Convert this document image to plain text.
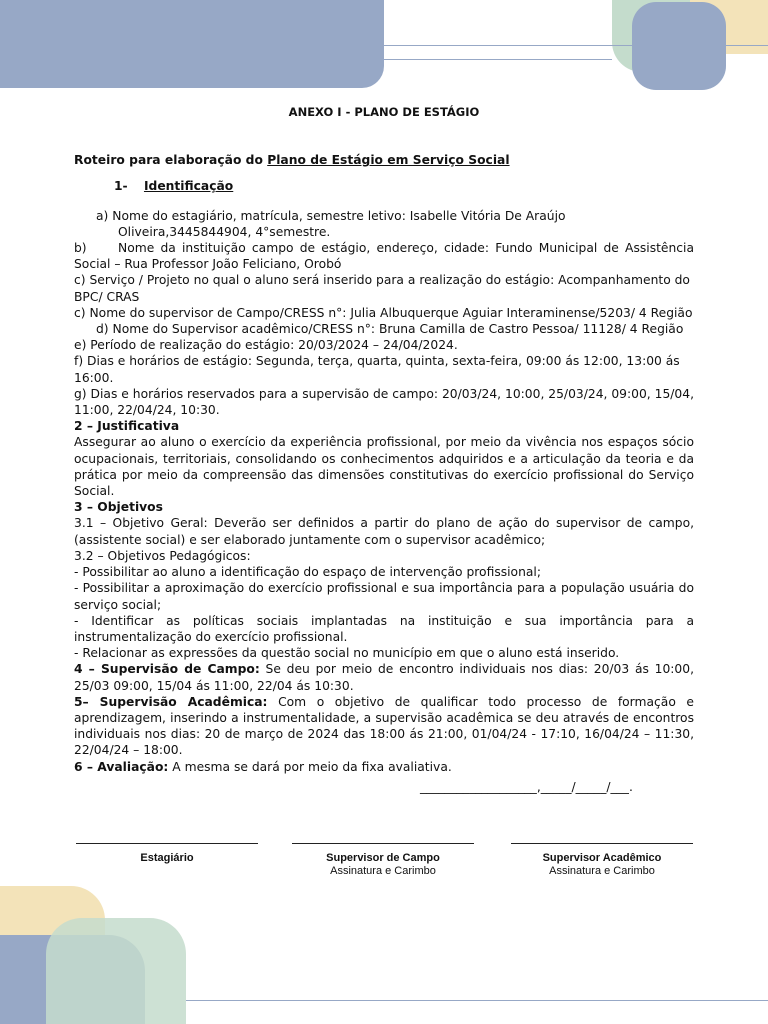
ANEXO I - PLANO DE ESTÁGIO
Roteiro para elaboração do Plano de Estágio em Serviço Social
1- Identificação

a) Nome do estagiário, matrícula, semestre letivo: Isabelle Vitória De Araújo Oliveira,3445844904, 4°semestre.

b)	Nome da instituição campo de estágio, endereço, cidade: Fundo Municipal de Assistência Social – Rua Professor João Feliciano, Orobó

c) Serviço / Projeto no qual o aluno será inserido para a realização do estágio: Acompanhamento do BPC/ CRAS

c) Nome do supervisor de Campo/CRESS n°: Julia Albuquerque Aguiar Interaminense/5203/ 4 Região

d) Nome do Supervisor acadêmico/CRESS n°: Bruna Camilla de Castro Pessoa/ 11128/ 4 Região

e) Período de realização do estágio: 20/03/2024 – 24/04/2024.

f) Dias e horários de estágio: Segunda, terça, quarta, quinta, sexta-feira, 09:00 ás 12:00, 13:00 ás 16:00.

g) Dias e horários reservados para a supervisão de campo: 20/03/24, 10:00, 25/03/24, 09:00, 15/04, 11:00, 22/04/24, 10:30.

2 – Justificativa

Assegurar ao aluno o exercício da experiência profissional, por meio da vivência nos espaços sócio ocupacionais, territoriais, consolidando os conhecimentos adquiridos e a articulação da teoria e da prática por meio da compreensão das dimensões constitutivas do exercício profissional do Serviço Social.

3 – Objetivos

3.1 – Objetivo Geral: Deverão ser definidos a partir do plano de ação do supervisor de campo, (assistente social) e ser elaborado juntamente com o supervisor acadêmico;

3.2 – Objetivos Pedagógicos:

- Possibilitar ao aluno a identificação do espaço de intervenção profissional;

- Possibilitar a aproximação do exercício profissional e sua importância para a população usuária do serviço social;

- Identificar as políticas sociais implantadas na instituição e sua importância para a instrumentalização do exercício profissional.

- Relacionar as expressões da questão social no município em que o aluno está inserido.

4 – Supervisão de Campo: Se deu por meio de encontro individuais nos dias: 20/03 ás 10:00, 25/03 09:00, 15/04 ás 11:00, 22/04 ás 10:30.

5– Supervisão Acadêmica: Com o objetivo de qualificar todo processo de formação e aprendizagem, inserindo a instrumentalidade, a supervisão acadêmica se deu através de encontros individuais nos dias: 20 de março de 2024 das 18:00 ás 21:00, 01/04/24 - 17:10, 16/04/24 – 11:30, 22/04/24 – 18:00.

6 – Avaliação: A mesma se dará por meio da fixa avaliativa.

___________________,_____/_____/___.
Estagiário	Supervisor de Campo
Assinatura e Carimbo
Supervisor Acadêmico
Assinatura e Carimbo
